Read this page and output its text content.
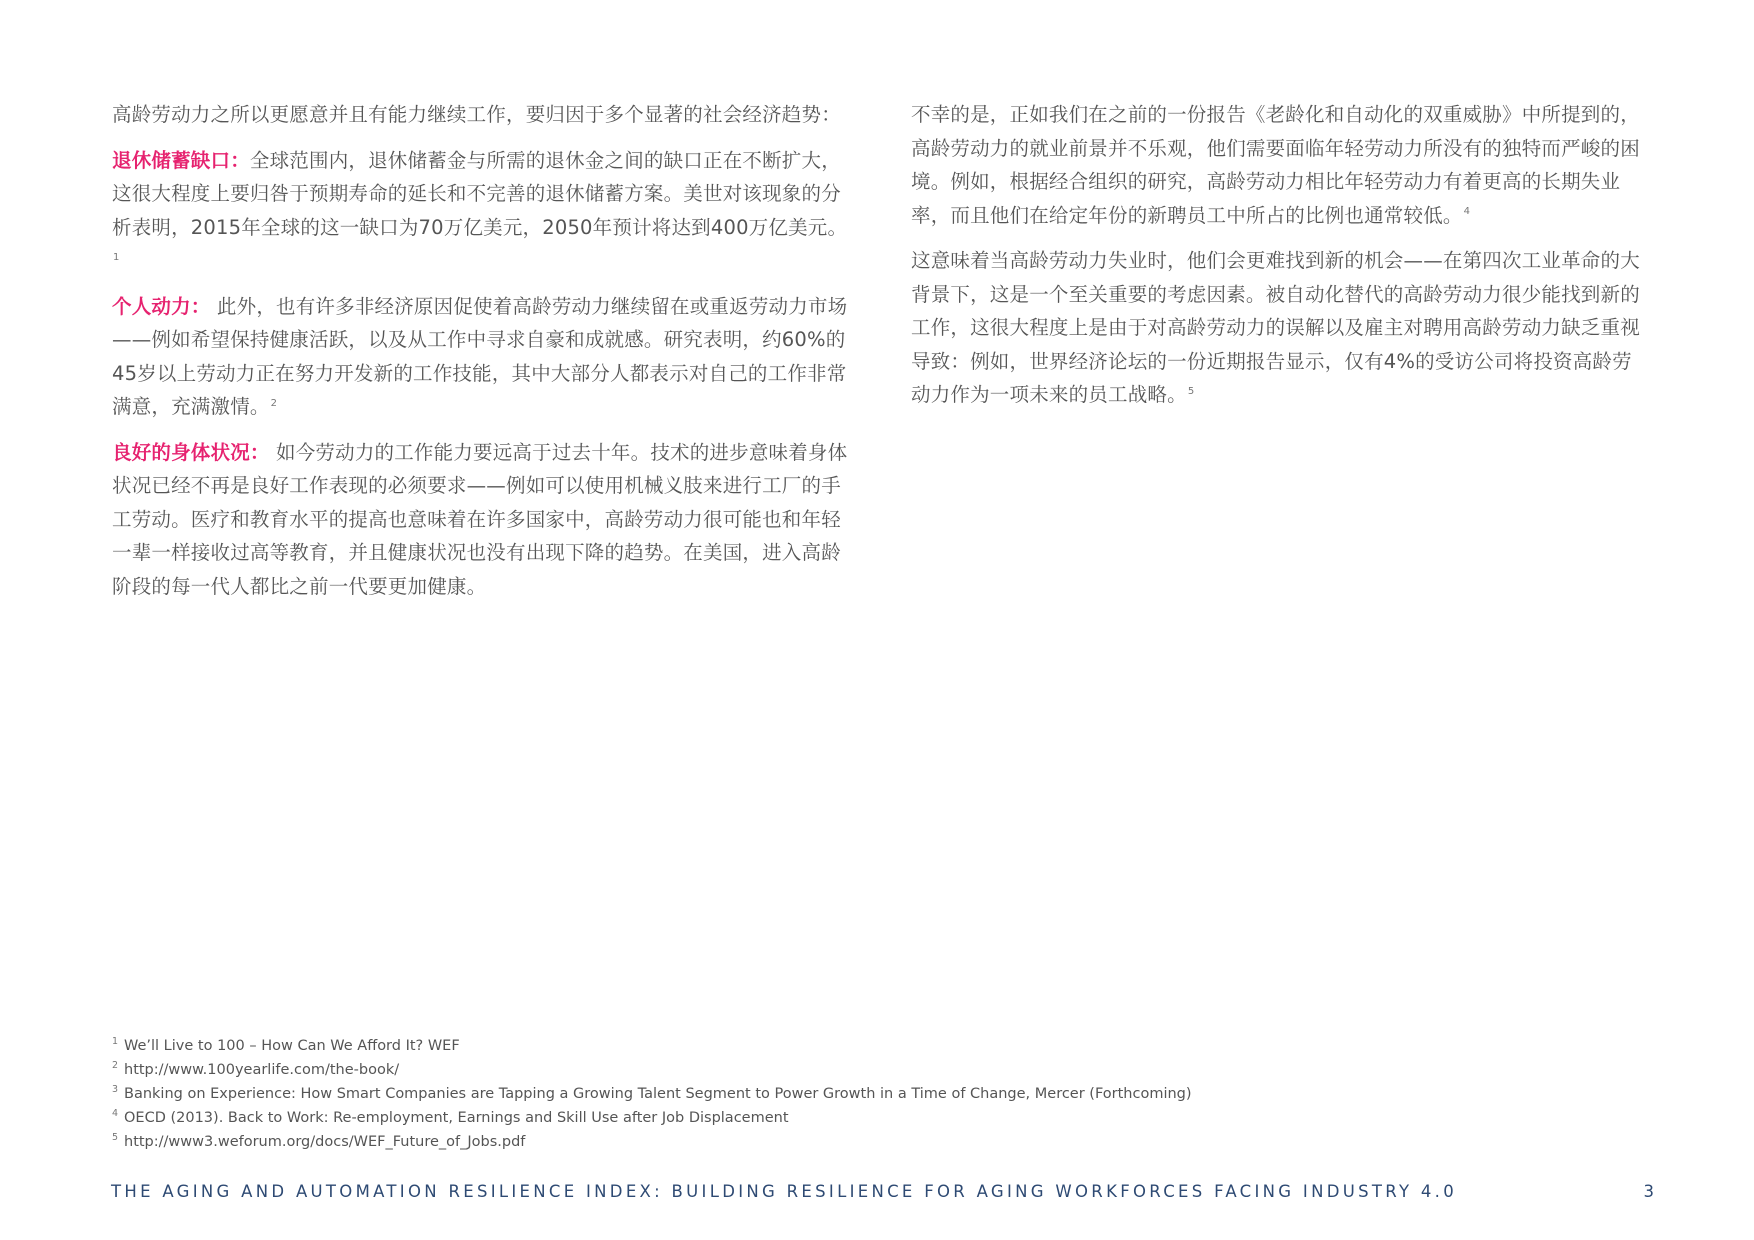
高龄劳动力之所以更愿意并且有能力继续工作，要归因于多个显著的社会经济趋势：

退休储蓄缺口：全球范围内，退休储蓄金与所需的退休金之间的缺口正在不断扩大，这很大程度上要归咎于预期寿命的延长和不完善的退休储蓄方案。美世对该现象的分析表明，2015年全球的这一缺口为70万亿美元，2050年预计将达到400万亿美元。$^1$

个人动力： 此外，也有许多非经济原因促使着高龄劳动力继续留在或重返劳动力市场——例如希望保持健康活跃，以及从工作中寻求自豪和成就感。研究表明，约60%的45岁以上劳动力正在努力开发新的工作技能，其中大部分人都表示对自己的工作非常满意，充满激情。$^2$

良好的身体状况： 如今劳动力的工作能力要远高于过去十年。技术的进步意味着身体状况已经不再是良好工作表现的必须要求——例如可以使用机械义肢来进行工厂的手工劳动。医疗和教育水平的提高也意味着在许多国家中，高龄劳动力很可能也和年轻一辈一样接收过高等教育，并且健康状况也没有出现下降的趋势。在美国，进入高龄阶段的每一代人都比之前一代要更加健康。

不幸的是，正如我们在之前的一份报告《老龄化和自动化的双重威胁》中所提到的，高龄劳动力的就业前景并不乐观，他们需要面临年轻劳动力所没有的独特而严峻的困境。例如，根据经合组织的研究，高龄劳动力相比年轻劳动力有着更高的长期失业率，而且他们在给定年份的新聘员工中所占的比例也通常较低。$^4$

这意味着当高龄劳动力失业时，他们会更难找到新的机会——在第四次工业革命的大背景下，这是一个至关重要的考虑因素。被自动化替代的高龄劳动力很少能找到新的工作，这很大程度上是由于对高龄劳动力的误解以及雇主对聘用高龄劳动力缺乏重视导致：例如，世界经济论坛的一份近期报告显示，仅有4%的受访公司将投资高龄劳动力作为一项未来的员工战略。$^5$

1 We’ll Live to 100 – How Can We Afford It? WEF
2 http://www.100yearlife.com/the-book/
3 Banking on Experience: How Smart Companies are Tapping a Growing Talent Segment to Power Growth in a Time of Change, Mercer (Forthcoming)
4 OECD (2013). Back to Work: Re-employment, Earnings and Skill Use after Job Displacement
5 http://www3.weforum.org/docs/WEF_Future_of_Jobs.pdf
THE AGING AND AUTOMATION RESILIENCE INDEX: BUILDING RESILIENCE FOR AGING WORKFORCES FACING INDUSTRY 4.0	3
